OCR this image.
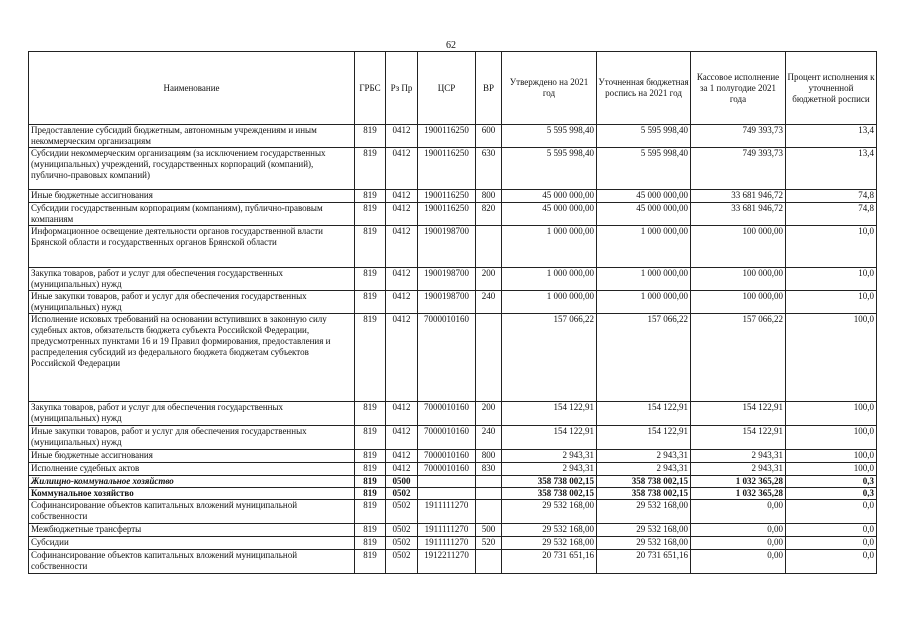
62
Наименование	ГРБС	Рз Пр	ЦСР	ВР	Утверждено на 2021 год	Уточненная бюджетная роспись на 2021 год	Кассовое исполнение за 1 полугодие 2021 года	Процент исполнения к уточненной бюджетной росписи
Предоставление субсидий бюджетным, автономным учреждениям и иным некоммерческим организациям	819	0412	1900116250	600	5 595 998,40	5 595 998,40	749 393,73	13,4
Субсидии некоммерческим организациям (за исключением государственных (муниципальных) учреждений, государственных корпораций (компаний), публично-правовых компаний)	819	0412	1900116250	630	5 595 998,40	5 595 998,40	749 393,73	13,4
Иные бюджетные ассигнования	819	0412	1900116250	800	45 000 000,00	45 000 000,00	33 681 946,72	74,8
Субсидии государственным корпорациям (компаниям), публично-правовым компаниям	819	0412	1900116250	820	45 000 000,00	45 000 000,00	33 681 946,72	74,8
Информационное освещение деятельности органов государственной власти Брянской области и государственных органов Брянской области	819	0412	1900198700		1 000 000,00	1 000 000,00	100 000,00	10,0
Закупка товаров, работ и услуг для обеспечения государственных (муниципальных) нужд	819	0412	1900198700	200	1 000 000,00	1 000 000,00	100 000,00	10,0
Иные закупки товаров, работ и услуг для обеспечения государственных (муниципальных) нужд	819	0412	1900198700	240	1 000 000,00	1 000 000,00	100 000,00	10,0
Исполнение исковых требований на основании вступивших в законную силу судебных актов, обязательств бюджета субъекта Российской Федерации, предусмотренных пунктами 16 и 19 Правил формирования, предоставления и распределения субсидий из федерального бюджета бюджетам субъектов Российской Федерации	819	0412	7000010160		157 066,22	157 066,22	157 066,22	100,0
Закупка товаров, работ и услуг для обеспечения государственных (муниципальных) нужд	819	0412	7000010160	200	154 122,91	154 122,91	154 122,91	100,0
Иные закупки товаров, работ и услуг для обеспечения государственных (муниципальных) нужд	819	0412	7000010160	240	154 122,91	154 122,91	154 122,91	100,0
Иные бюджетные ассигнования	819	0412	7000010160	800	2 943,31	2 943,31	2 943,31	100,0
Исполнение судебных актов	819	0412	7000010160	830	2 943,31	2 943,31	2 943,31	100,0
Жилищно-коммунальное хозяйство	819	0500			358 738 002,15	358 738 002,15	1 032 365,28	0,3
Коммунальное хозяйство	819	0502			358 738 002,15	358 738 002,15	1 032 365,28	0,3
Софинансирование объектов капитальных вложений муниципальной собственности	819	0502	1911111270		29 532 168,00	29 532 168,00	0,00	0,0
Межбюджетные трансферты	819	0502	1911111270	500	29 532 168,00	29 532 168,00	0,00	0,0
Субсидии	819	0502	1911111270	520	29 532 168,00	29 532 168,00	0,00	0,0
Софинансирование объектов капитальных вложений муниципальной собственности	819	0502	1912211270		20 731 651,16	20 731 651,16	0,00	0,0
